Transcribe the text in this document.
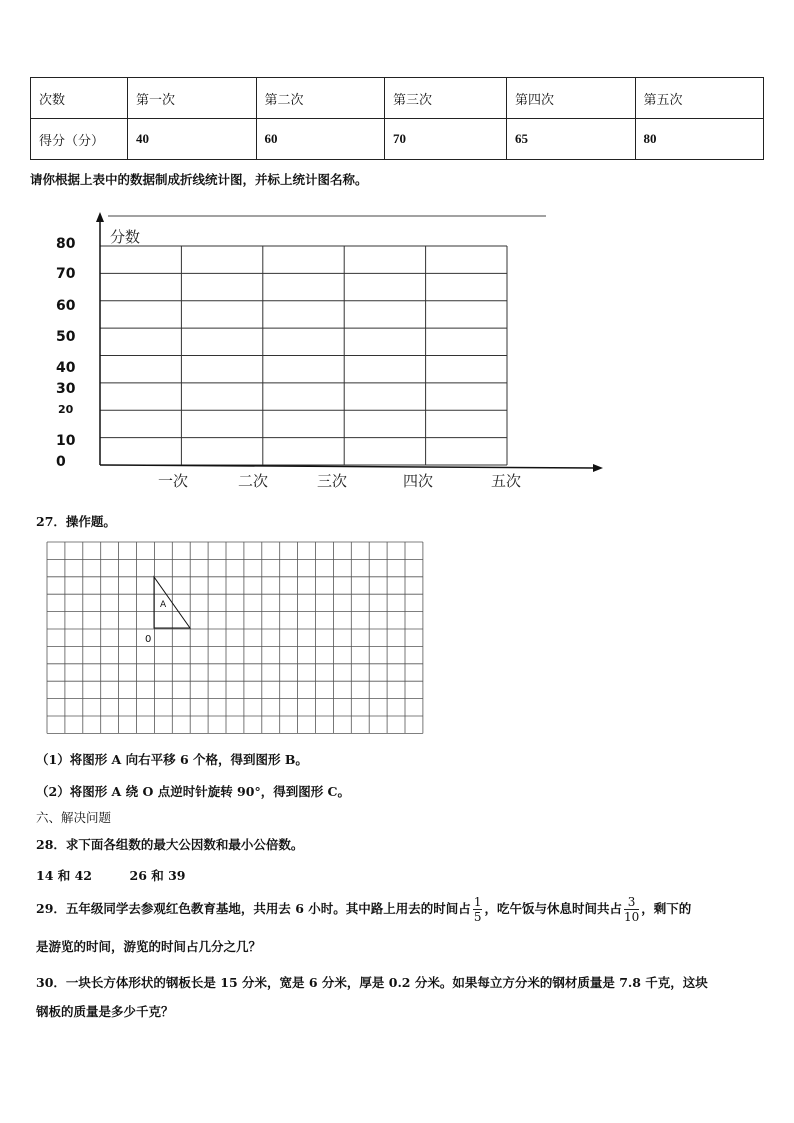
次数	第一次	第二次	第三次	第四次	第五次
得分（分）	40	60	70	65	80
请你根据上表中的数据制成折线统计图，并标上统计图名称。
分数
80
70
60
50
40
30
20
10
0
一次	二次	三次	四次	五次
27．操作题。
A
0
（1）将图形 A 向右平移 6 个格，得到图形 B。
（2）将图形 A 绕 O 点逆时针旋转 90°，得到图形 C。
六、解决问题
28．求下面各组数的最大公因数和最小公倍数。
14 和 42　　　26 和 39
29．五年级同学去参观红色教育基地，共用去 6 小时。其中路上用去的时间占 $\frac{1}{5}$ ，吃午饭与休息时间共占 $\frac{3}{10}$ ，剩下的
是游览的时间，游览的时间占几分之几？
30．一块长方体形状的钢板长是 15 分米，宽是 6 分米，厚是 0.2 分米。如果每立方分米的钢材质量是 7.8 千克，这块
钢板的质量是多少千克？
